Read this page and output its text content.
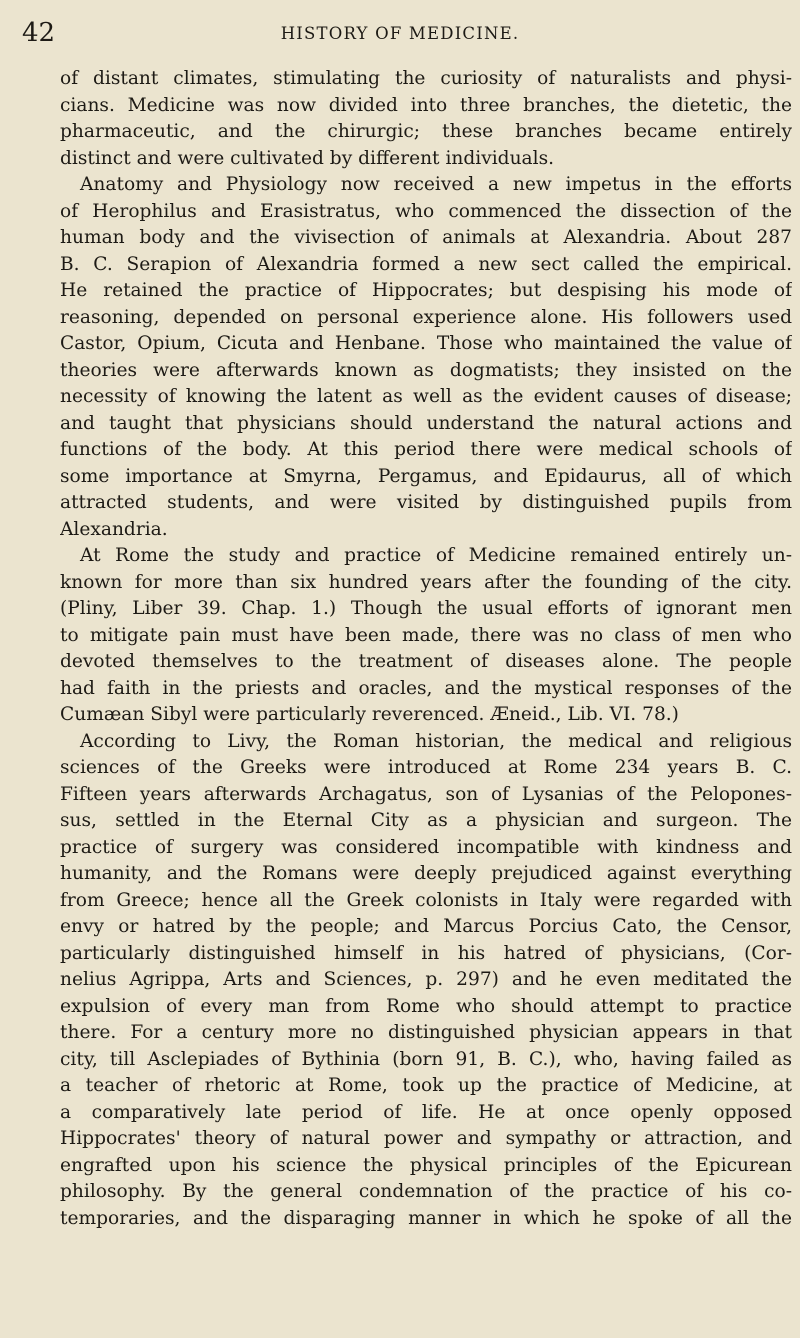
42	HISTORY OF MEDICINE.
of distant climates, stimulating the curiosity of naturalists and physi-
cians. Medicine was now divided into three branches, the dietetic, the
pharmaceutic, and the chirurgic; these branches became entirely
distinct and were cultivated by different individuals.
Anatomy and Physiology now received a new impetus in the efforts
of Herophilus and Erasistratus, who commenced the dissection of the
human body and the vivisection of animals at Alexandria. About 287
B. C. Serapion of Alexandria formed a new sect called the empirical.
He retained the practice of Hippocrates; but despising his mode of
reasoning, depended on personal experience alone. His followers used
Castor, Opium, Cicuta and Henbane. Those who maintained the value of
theories were afterwards known as dogmatists; they insisted on the
necessity of knowing the latent as well as the evident causes of disease;
and taught that physicians should understand the natural actions and
functions of the body. At this period there were medical schools of
some importance at Smyrna, Pergamus, and Epidaurus, all of which
attracted students, and were visited by distinguished pupils from
Alexandria.
At Rome the study and practice of Medicine remained entirely un-
known for more than six hundred years after the founding of the city.
(Pliny, Liber 39. Chap. 1.) Though the usual efforts of ignorant men
to mitigate pain must have been made, there was no class of men who
devoted themselves to the treatment of diseases alone. The people
had faith in the priests and oracles, and the mystical responses of the
Cumæan Sibyl were particularly reverenced. Æneid., Lib. VI. 78.)
According to Livy, the Roman historian, the medical and religious
sciences of the Greeks were introduced at Rome 234 years B. C.
Fifteen years afterwards Archagatus, son of Lysanias of the Pelopones-
sus, settled in the Eternal City as a physician and surgeon. The
practice of surgery was considered incompatible with kindness and
humanity, and the Romans were deeply prejudiced against everything
from Greece; hence all the Greek colonists in Italy were regarded with
envy or hatred by the people; and Marcus Porcius Cato, the Censor,
particularly distinguished himself in his hatred of physicians, (Cor-
nelius Agrippa, Arts and Sciences, p. 297) and he even meditated the
expulsion of every man from Rome who should attempt to practice
there. For a century more no distinguished physician appears in that
city, till Asclepiades of Bythinia (born 91, B. C.), who, having failed as
a teacher of rhetoric at Rome, took up the practice of Medicine, at
a comparatively late period of life. He at once openly opposed
Hippocrates' theory of natural power and sympathy or attraction, and
engrafted upon his science the physical principles of the Epicurean
philosophy. By the general condemnation of the practice of his co-
temporaries, and the disparaging manner in which he spoke of all the
